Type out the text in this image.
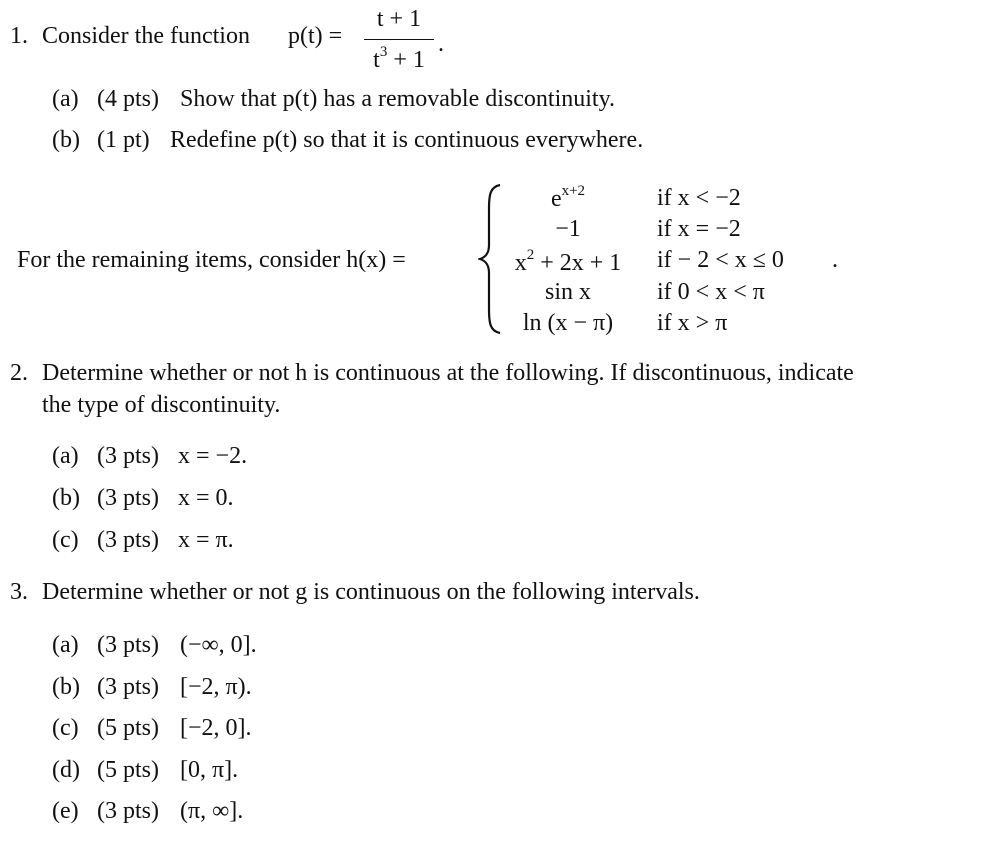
1. Consider the function p(t) =
t + 1
$t^3 + 1$
.
(a) (4 pts) Show that p(t) has a removable discontinuity.
(b) (1 pt) Redefine p(t) so that it is continuous everywhere.
For the remaining items, consider h(x) =
$e^{x+2}$	if x < −2
−1	if x = −2
$x^2 + 2x + 1$	if − 2 < x ≤ 0 .
sin x	if 0 < x < π
ln (x − π)	if x > π
2. Determine whether or not h is continuous at the following. If discontinuous, indicate
the type of discontinuity.
(a) (3 pts) x = −2.
(b) (3 pts) x = 0.
(c) (3 pts) x = π.
3. Determine whether or not g is continuous on the following intervals.
(a) (3 pts) (−∞, 0].
(b) (3 pts) [−2, π).
(c) (5 pts) [−2, 0].
(d) (5 pts) [0, π].
(e) (3 pts) (π, ∞].
